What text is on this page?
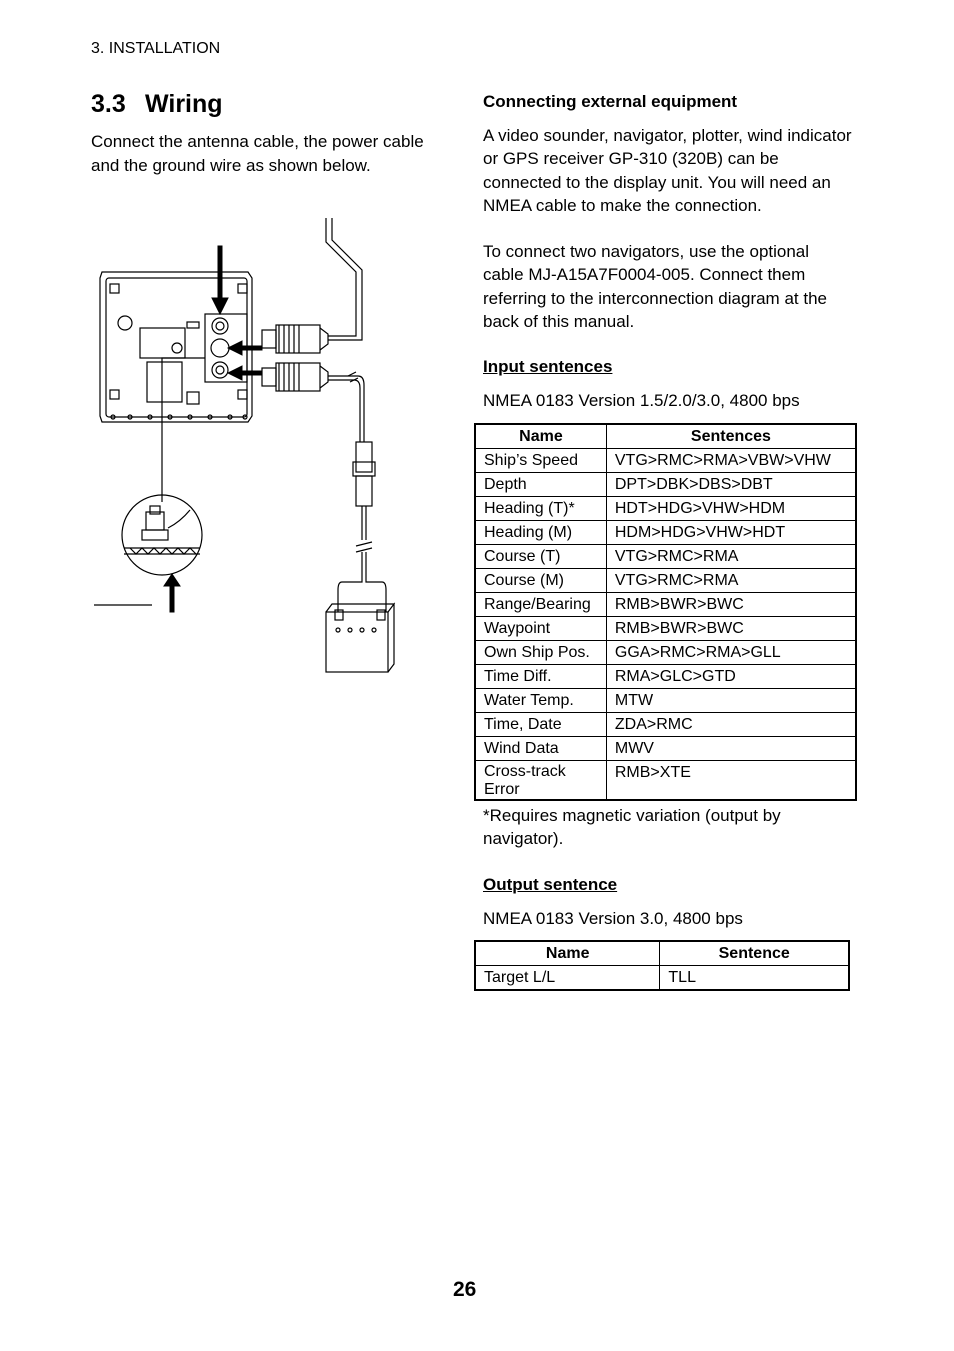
3. INSTALLATION
3.3 Wiring

Connect the antenna cable, the power cable and the ground wire as shown below.

Connecting external equipment

A video sounder, navigator, plotter, wind indicator or GPS receiver GP-310 (320B) can be connected to the display unit. You will need an NMEA cable to make the connection.

To connect two navigators, use the optional cable MJ-A15A7F0004-005. Connect them referring to the interconnection diagram at the back of this manual.

Input sentences

NMEA 0183 Version 1.5/2.0/3.0, 4800 bps

Name	Sentences
Ship’s Speed	VTG>RMC>RMA>VBW>VHW
Depth	DPT>DBK>DBS>DBT
Heading (T)*	HDT>HDG>VHW>HDM
Heading (M)	HDM>HDG>VHW>HDT
Course (T)	VTG>RMC>RMA
Course (M)	VTG>RMC>RMA
Range/Bearing	RMB>BWR>BWC
Waypoint	RMB>BWR>BWC
Own Ship Pos.	GGA>RMC>RMA>GLL
Time Diff.	RMA>GLC>GTD
Water Temp.	MTW
Time, Date	ZDA>RMC
Wind Data	MWV
Cross-track Error	RMB>XTE

*Requires magnetic variation (output by navigator).

Output sentence

NMEA 0183 Version 3.0, 4800 bps

Name	Sentence
Target L/L	TLL
26
